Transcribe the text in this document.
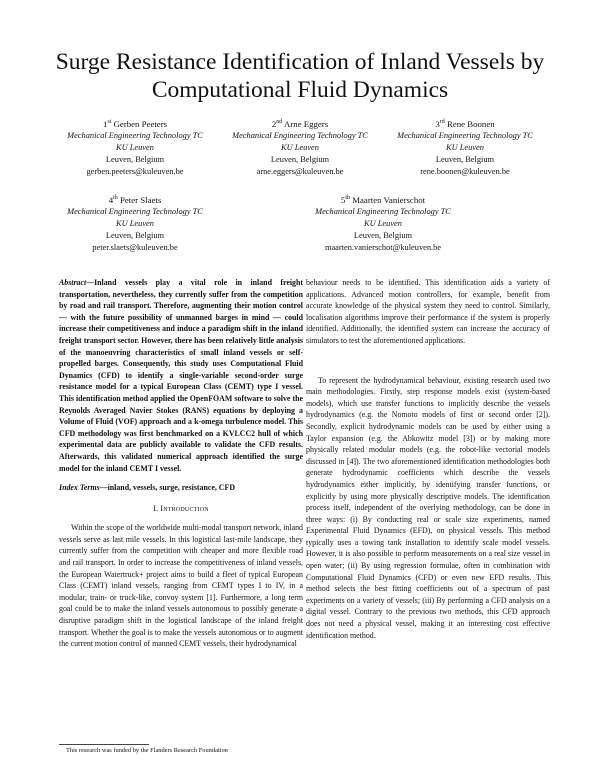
Surge Resistance Identification of Inland Vessels by Computational Fluid Dynamics
1st Gerben Peeters
Mechanical Engineering Technology TC
KU Leuven
Leuven, Belgium
gerben.peeters@kuleuven.be
2nd Arne Eggers
Mechanical Engineering Technology TC
KU Leuven
Leuven, Belgium
arne.eggers@kuleuven.be
3rd Rene Boonen
Mechanical Engineering Technology TC
KU Leuven
Leuven, Belgium
rene.boonen@kuleuven.be
4th Peter Slaets
Mechanical Engineering Technology TC
KU Leuven
Leuven, Belgium
peter.slaets@kuleuven.be
5th Maarten Vanierschot
Mechanical Engineering Technology TC
KU Leuven
Leuven, Belgium
maarten.vanierschot@kuleuven.be

Abstract—Inland vessels play a vital role in inland freight transportation, nevertheless, they currently suffer from the competition by road and rail transport. Therefore, augmenting their motion control — with the future possibility of unmanned barges in mind — could increase their competitiveness and induce a paradigm shift in the inland freight transport sector. However, there has been relatively little analysis of the manoeuvring characteristics of small inland vessels or self-propelled barges. Consequently, this study uses Computational Fluid Dynamics (CFD) to identify a single-variable second-order surge resistance model for a typical European Class (CEMT) type I vessel. This identification method applied the OpenFOAM software to solve the Reynolds Averaged Navier Stokes (RANS) equations by deploying a Volume of Fluid (VOF) approach and a k-omega turbulence model. This CFD methodology was first benchmarked on a KVLCC2 hull of which experimental data are publicly available to validate the CFD results. Afterwards, this validated numerical approach identified the surge model for the inland CEMT I vessel.

Index Terms—inland, vessels, surge, resistance, CFD

I. Introduction

Within the scope of the worldwide multi-modal transport network, inland vessels serve as last mile vessels. In this logistical last-mile landscape, they currently suffer from the competition with cheaper and more flexible road and rail transport. In order to increase the competitiveness of inland vessels, the European Watertruck+ project aims to build a fleet of typical European Class (CEMT) inland vessels, ranging from CEMT types I to IV, in a modular, train- or truck-like, convoy system [1]. Furthermore, a long term goal could be to make the inland vessels autonomous to possibly generate a disruptive paradigm shift in the logistical landscape of the inland freight transport. Whether the goal is to make the vessels autonomous or to augment the current motion control of manned CEMT vessels, their hydrodynamical

This research was funded by the Flanders Research Foundation

behaviour needs to be identified. This identification aids a variety of applications. Advanced motion controllers, for example, benefit from accurate knowledge of the physical system they need to control. Similarly, localisation algorithms improve their performance if the system is properly identified. Additionally, the identified system can increase the accuracy of simulators to test the aforementioned applications.

To represent the hydrodynamical behaviour, existing research used two main methodologies. Firstly, step response models exist (system-based models), which use transfer functions to implicitly describe the vessels hydrodynamics (e.g. the Nomoto models of first or second order [2]). Secondly, explicit hydrodynamic models can be used by either using a Taylor expansion (e.g. the Abkowitz model [3]) or by making more physically related modular models (e.g. the robot-like vectorial models discussed in [4]). The two aforementioned identification methodologies both generate hydrodynamic coefficients which describe the vessels hydrodynamics either implicitly, by identifying transfer functions, or explicitly by using more physically descriptive models. The identification process itself, independent of the overlying methodology, can be done in three ways: (i) By conducting real or scale size experiments, named Experimental Fluid Dynamics (EFD), on physical vessels. This method typically uses a towing tank installation to identify scale model vessels. However, it is also possible to perform measurements on a real size vessel in open water; (ii) By using regression formulae, often in combination with Computational Fluid Dynamics (CFD) or even new EFD results. This method selects the best fitting coefficients out of a spectrum of past experiments on a variety of vessels; (iii) By performing a CFD analysis on a digital vessel. Contrary to the previous two methods, this CFD approach does not need a physical vessel, making it an interesting cost effective identification method.
